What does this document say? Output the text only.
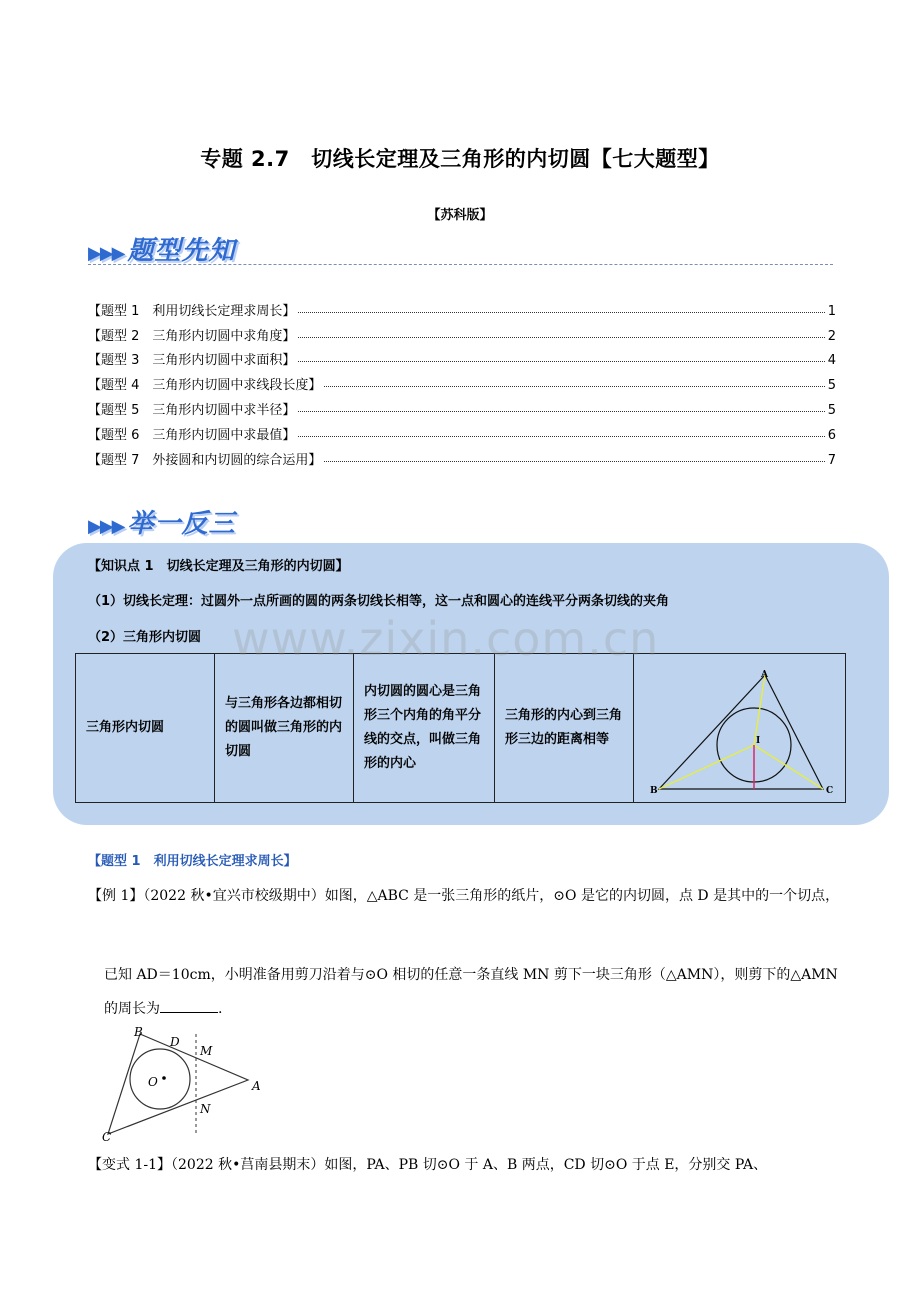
专题 2.7　切线长定理及三角形的内切圆【七大题型】
【苏科版】
▶▶▶ 题型先知
【题型 1　利用切线长定理求周长】	1
【题型 2　三角形内切圆中求角度】	2
【题型 3　三角形内切圆中求面积】	4
【题型 4　三角形内切圆中求线段长度】	5
【题型 5　三角形内切圆中求半径】	5
【题型 6　三角形内切圆中求最值】	6
【题型 7　外接圆和内切圆的综合运用】	7
▶▶▶ 举一反三
【知识点 1　切线长定理及三角形的内切圆】
（1）切线长定理：过圆外一点所画的圆的两条切线长相等，这一点和圆心的连线平分两条切线的夹角
（2）三角形内切圆
三角形内切圆	与三角形各边都相切的圆叫做三角形的内切圆	内切圆的圆心是三角形三个内角的角平分线的交点，叫做三角形的内心	三角形的内心到三角形三边的距离相等	
A
B	C
I
www.zixin.com.cn
【题型 1　利用切线长定理求周长】
【例 1】（2022 秋•宜兴市校级期中）如图，△ABC 是一张三角形的纸片，⊙O 是它的内切圆，点 D 是其中的一个切点，
已知 AD＝10cm，小明准备用剪刀沿着与⊙O 相切的任意一条直线 MN 剪下一块三角形（△AMN），则剪下的△AMN 的周长为	.
B
D
M
O	A
N
C
【变式 1-1】（2022 秋•莒南县期末）如图，PA、PB 切⊙O 于 A、B 两点，CD 切⊙O 于点 E，分别交 PA、
